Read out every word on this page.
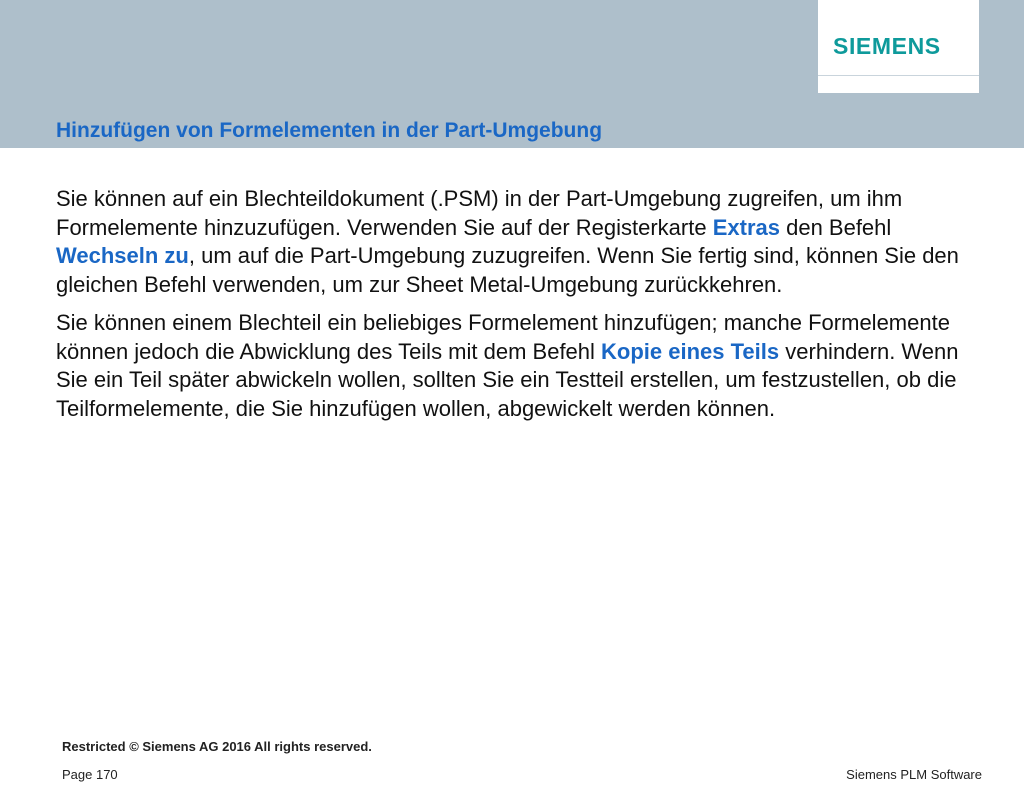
SIEMENS
Hinzufügen von Formelementen in der Part-Umgebung

Sie können auf ein Blechteildokument (.PSM) in der Part-Umgebung zugreifen, um ihm Formelemente hinzuzufügen. Verwenden Sie auf der Registerkarte Extras den Befehl Wechseln zu, um auf die Part-Umgebung zuzugreifen. Wenn Sie fertig sind, können Sie den gleichen Befehl verwenden, um zur Sheet Metal-Umgebung zurückkehren.

Sie können einem Blechteil ein beliebiges Formelement hinzufügen; manche Formelemente können jedoch die Abwicklung des Teils mit dem Befehl Kopie eines Teils verhindern. Wenn Sie ein Teil später abwickeln wollen, sollten Sie ein Testteil erstellen, um festzustellen, ob die Teilformelemente, die Sie hinzufügen wollen, abgewickelt werden können.

Restricted © Siemens AG 2016 All rights reserved.
Page 170	Siemens PLM Software
